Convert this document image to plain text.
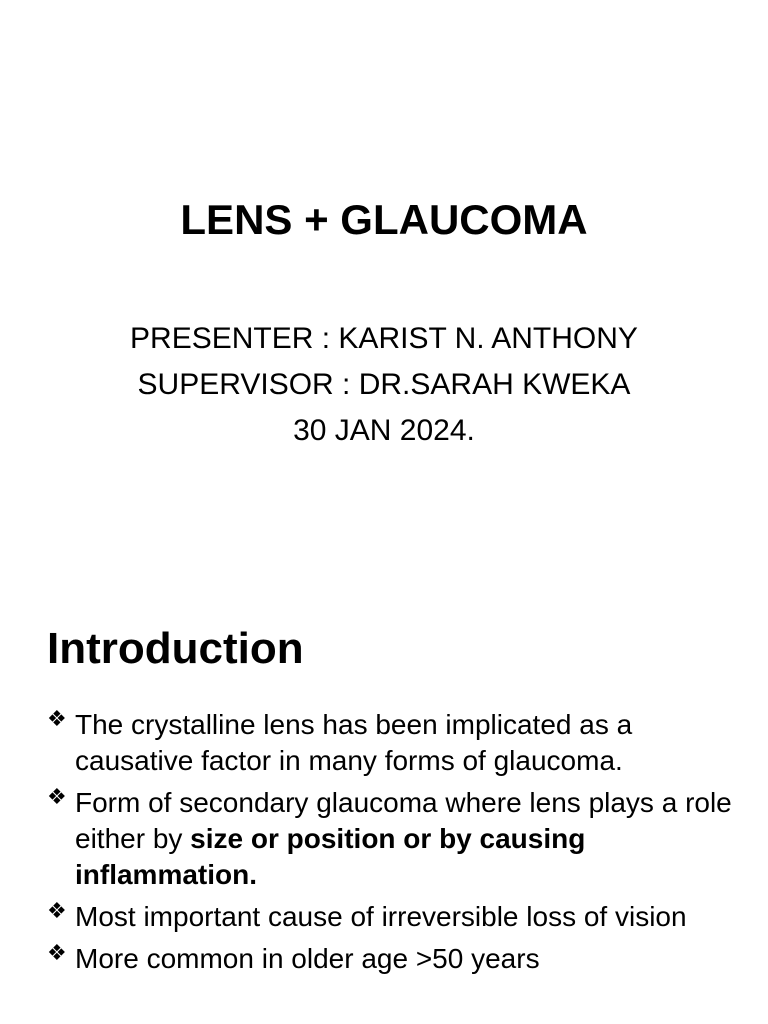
LENS + GLAUCOMA
PRESENTER : KARIST N. ANTHONY
SUPERVISOR : DR.SARAH KWEKA
30 JAN 2024.
Introduction
❖ The crystalline lens has been implicated as a causative factor in many forms of glaucoma.
❖ Form of secondary glaucoma where lens plays a role either by size or position or by causing inflammation.
❖ Most important cause of irreversible loss of vision
❖ More common in older age >50 years
